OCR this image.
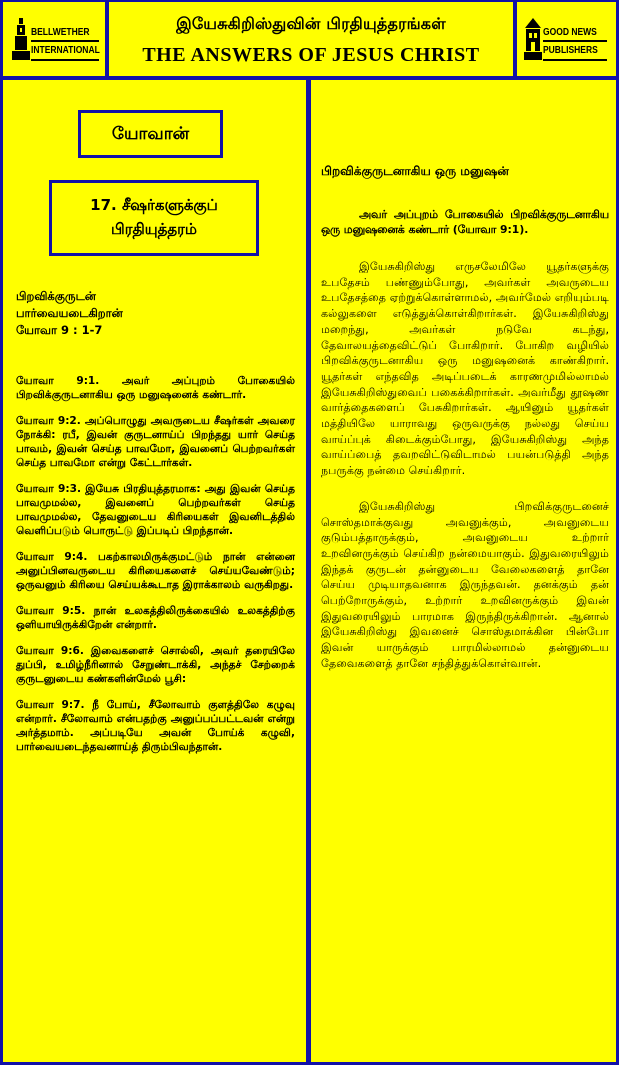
BELLWETHER
INTERNATIONAL
இயேசுகிறிஸ்துவின் பிரதியுத்தரங்கள்
THE ANSWERS OF JESUS CHRIST
GOOD NEWS
PUBLISHERS
யோவான்
17. சீஷர்களுக்குப்
பிரதியுத்தரம்
பிறவிக்குருடன்
பார்வையடைகிறான்
யோவா 9 : 1-7

யோவா 9:1. அவர் அப்புறம் போகையில் பிறவிக்குருடனாகிய ஒரு மனுஷனைக் கண்டார்.

யோவா 9:2. அப்பொழுது அவருடைய சீஷர்கள் அவரை நோக்கி: ரபீ, இவன் குருடனாய்ப் பிறந்தது யார் செய்த பாவம், இவன் செய்த பாவமோ, இவனைப் பெற்றவர்கள் செய்த பாவமோ என்று கேட்டார்கள்.

யோவா 9:3. இயேசு பிரதியுத்தரமாக: அது இவன் செய்த பாவமுமல்ல, இவனைப் பெற்றவர்கள் செய்த பாவமுமல்ல, தேவனுடைய கிரியைகள் இவனிடத்தில் வெளிப்படும் பொருட்டு இப்படிப் பிறந்தான்.

யோவா 9:4. பகற்காலமிருக்குமட்டும் நான் என்னை அனுப்பினவருடைய கிரியைகளைச் செய்யவேண்டும்; ஒருவனும் கிரியை செய்யக்கூடாத இராக்காலம் வருகிறது.

யோவா 9:5. நான் உலகத்திலிருக்கையில் உலகத்திற்கு ஒளியாயிருக்கிறேன் என்றார்.

யோவா 9:6. இவைகளைச் சொல்லி, அவர் தரையிலே துப்பி, உமிழ்நீரினால் சேறுண்டாக்கி, அந்தச் சேற்றைக் குருடனுடைய கண்களின்மேல் பூசி:

யோவா 9:7. நீ போய், சீலோவாம் குளத்திலே கழுவு என்றார். சீலோவாம் என்பதற்கு அனுப்பப்பட்டவன் என்று அர்த்தமாம். அப்படியே அவன் போய்க் கழுவி, பார்வையடைந்தவனாய்த் திரும்பிவந்தான்.

பிறவிக்குருடனாகிய ஒரு மனுஷன்

அவர் அப்புறம் போகையில் பிறவிக்குருடனாகிய ஒரு மனுஷனைக் கண்டார் (யோவா 9:1).

இயேசுகிறிஸ்து எருசலேமிலே யூதர்களுக்கு உபதேசம் பண்ணும்போது, அவர்கள் அவருடைய உபதேசத்தை ஏற்றுக்கொள்ளாமல், அவர்மேல் எறியும்படி கல்லுகளை எடுத்துக்கொள்கிறார்கள். இயேசுகிறிஸ்து மறைந்து, அவர்கள் நடுவே கடந்து, தேவாலயத்தைவிட்டுப் போகிறார். போகிற வழியில் பிறவிக்குருடனாகிய ஒரு மனுஷனைக் காண்கிறார். யூதர்கள் எந்தவித அடிப்படைக் காரணமுமில்லாமல் இயேசுகிறிஸ்துவைப் பகைக்கிறார்கள். அவர்மீது தூஷண வார்த்தைகளைப் பேசுகிறார்கள். ஆயினும் யூதர்கள் மத்தியிலே யாராவது ஒருவருக்கு நல்லது செய்ய வாய்ப்புக் கிடைக்கும்போது, இயேசுகிறிஸ்து அந்த வாய்ப்பைத் தவறவிட்டுவிடாமல் பயன்படுத்தி அந்த நபருக்கு நன்மை செய்கிறார்.

இயேசுகிறிஸ்து பிறவிக்குருடனைச் சொஸ்தமாக்குவது அவனுக்கும், அவனுடைய குடும்பத்தாருக்கும், அவனுடைய உற்றார் உறவினருக்கும் செய்கிற நன்மையாகும். இதுவரையிலும் இந்தக் குருடன் தன்னுடைய வேலைகளைத் தானே செய்ய முடியாதவனாக இருந்தவன். தனக்கும் தன் பெற்றோருக்கும், உற்றார் உறவினருக்கும் இவன் இதுவரையிலும் பாரமாக இருந்திருக்கிறான். ஆனால் இயேசுகிறிஸ்து இவனைச் சொஸ்தமாக்கின பின்போ இவன் யாருக்கும் பாரமில்லாமல் தன்னுடைய தேவைகளைத் தானே சந்தித்துக்கொள்வான்.
